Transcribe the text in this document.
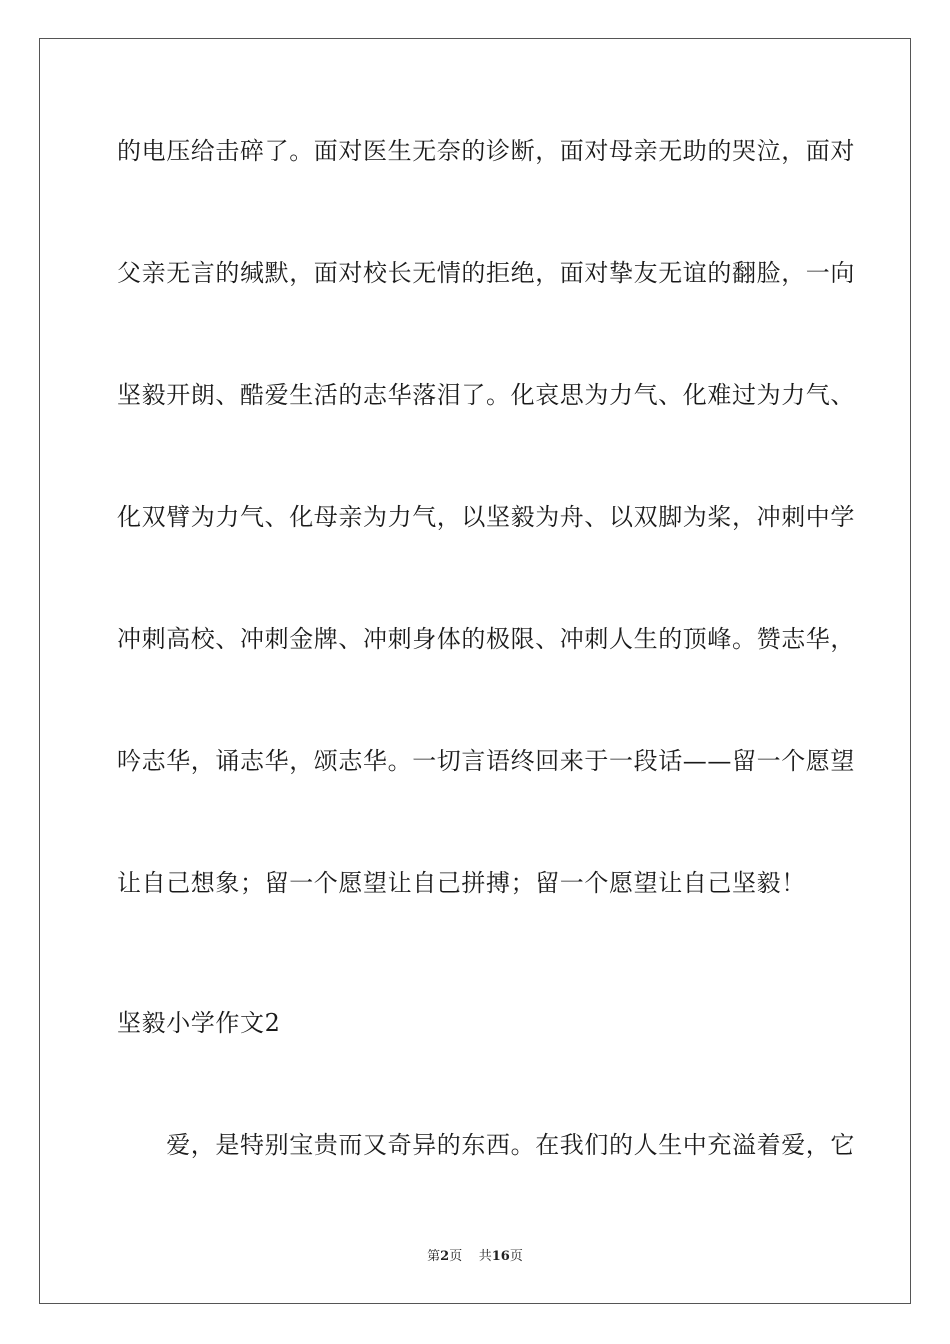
的电压给击碎了。面对医生无奈的诊断，面对母亲无助的哭泣，面对
父亲无言的缄默，面对校长无情的拒绝，面对挚友无谊的翻脸，一向
坚毅开朗、酷爱生活的志华落泪了。化哀思为力气、化难过为力气、
化双臂为力气、化母亲为力气，以坚毅为舟、以双脚为桨，冲刺中学
冲刺高校、冲刺金牌、冲刺身体的极限、冲刺人生的顶峰。赞志华，
吟志华，诵志华，颂志华。一切言语终回来于一段话——留一个愿望
让自己想象；留一个愿望让自己拼搏；留一个愿望让自己坚毅！
坚毅小学作文2
　　爱，是特别宝贵而又奇异的东西。在我们的人生中充溢着爱，它
第2页 共16页
